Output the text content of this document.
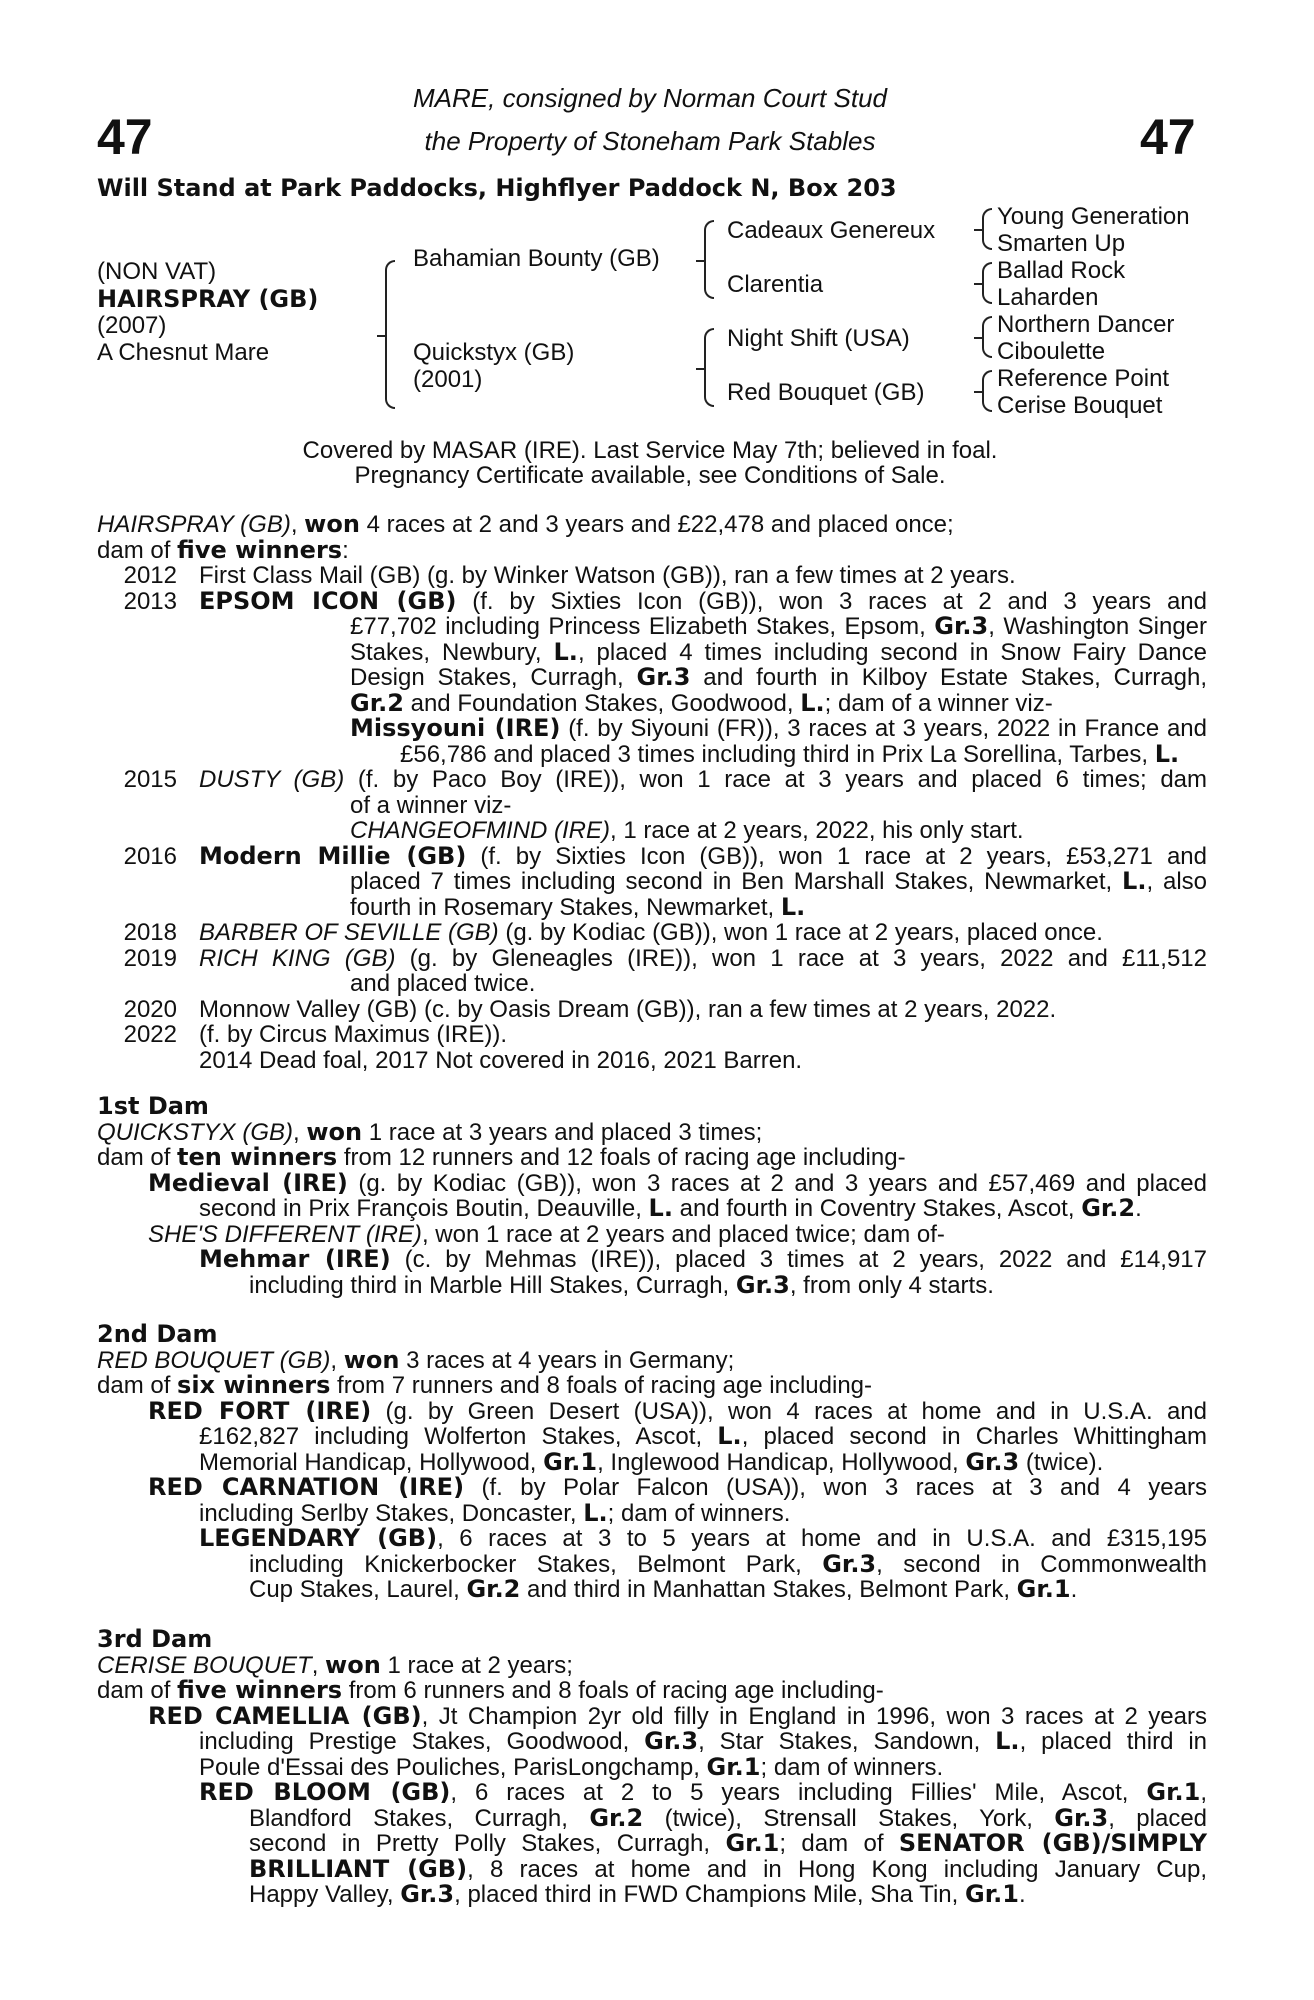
47	47
MARE, consigned by Norman Court Stud
the Property of Stoneham Park Stables
Will Stand at Park Paddocks, Highflyer Paddock N, Box 203
(NON VAT)
HAIRSPRAY (GB)
(2007)
A Chesnut Mare
Bahamian Bounty (GB)
Quickstyx (GB)
(2001)
Cadeaux Genereux
Clarentia
Night Shift (USA)
Red Bouquet (GB)
Young Generation
Smarten Up
Ballad Rock
Laharden
Northern Dancer
Ciboulette
Reference Point
Cerise Bouquet
Covered by MASAR (IRE). Last Service May 7th; believed in foal.
Pregnancy Certificate available, see Conditions of Sale.
HAIRSPRAY (GB), won 4 races at 2 and 3 years and £22,478 and placed once;
dam of five winners:
2012 First Class Mail (GB) (g. by Winker Watson (GB)), ran a few times at 2 years.
2013 EPSOM ICON (GB) (f. by Sixties Icon (GB)), won 3 races at 2 and 3 years and
£77,702 including Princess Elizabeth Stakes, Epsom, Gr.3, Washington Singer
Stakes, Newbury, L., placed 4 times including second in Snow Fairy Dance
Design Stakes, Curragh, Gr.3 and fourth in Kilboy Estate Stakes, Curragh,
Gr.2 and Foundation Stakes, Goodwood, L.; dam of a winner viz-
Missyouni (IRE) (f. by Siyouni (FR)), 3 races at 3 years, 2022 in France and
£56,786 and placed 3 times including third in Prix La Sorellina, Tarbes, L.
2015 DUSTY (GB) (f. by Paco Boy (IRE)), won 1 race at 3 years and placed 6 times; dam
of a winner viz-
CHANGEOFMIND (IRE), 1 race at 2 years, 2022, his only start.
2016 Modern Millie (GB) (f. by Sixties Icon (GB)), won 1 race at 2 years, £53,271 and
placed 7 times including second in Ben Marshall Stakes, Newmarket, L., also
fourth in Rosemary Stakes, Newmarket, L.
2018 BARBER OF SEVILLE (GB) (g. by Kodiac (GB)), won 1 race at 2 years, placed once.
2019 RICH KING (GB) (g. by Gleneagles (IRE)), won 1 race at 3 years, 2022 and £11,512
and placed twice.
2020 Monnow Valley (GB) (c. by Oasis Dream (GB)), ran a few times at 2 years, 2022.
2022 (f. by Circus Maximus (IRE)).
2014 Dead foal, 2017 Not covered in 2016, 2021 Barren.
1st Dam
QUICKSTYX (GB), won 1 race at 3 years and placed 3 times;
dam of ten winners from 12 runners and 12 foals of racing age including-
Medieval (IRE) (g. by Kodiac (GB)), won 3 races at 2 and 3 years and £57,469 and placed
second in Prix François Boutin, Deauville, L. and fourth in Coventry Stakes, Ascot, Gr.2.
SHE'S DIFFERENT (IRE), won 1 race at 2 years and placed twice; dam of-
Mehmar (IRE) (c. by Mehmas (IRE)), placed 3 times at 2 years, 2022 and £14,917
including third in Marble Hill Stakes, Curragh, Gr.3, from only 4 starts.
2nd Dam
RED BOUQUET (GB), won 3 races at 4 years in Germany;
dam of six winners from 7 runners and 8 foals of racing age including-
RED FORT (IRE) (g. by Green Desert (USA)), won 4 races at home and in U.S.A. and
£162,827 including Wolferton Stakes, Ascot, L., placed second in Charles Whittingham
Memorial Handicap, Hollywood, Gr.1, Inglewood Handicap, Hollywood, Gr.3 (twice).
RED CARNATION (IRE) (f. by Polar Falcon (USA)), won 3 races at 3 and 4 years
including Serlby Stakes, Doncaster, L.; dam of winners.
LEGENDARY (GB), 6 races at 3 to 5 years at home and in U.S.A. and £315,195
including Knickerbocker Stakes, Belmont Park, Gr.3, second in Commonwealth
Cup Stakes, Laurel, Gr.2 and third in Manhattan Stakes, Belmont Park, Gr.1.
3rd Dam
CERISE BOUQUET, won 1 race at 2 years;
dam of five winners from 6 runners and 8 foals of racing age including-
RED CAMELLIA (GB), Jt Champion 2yr old filly in England in 1996, won 3 races at 2 years
including Prestige Stakes, Goodwood, Gr.3, Star Stakes, Sandown, L., placed third in
Poule d'Essai des Pouliches, ParisLongchamp, Gr.1; dam of winners.
RED BLOOM (GB), 6 races at 2 to 5 years including Fillies' Mile, Ascot, Gr.1,
Blandford Stakes, Curragh, Gr.2 (twice), Strensall Stakes, York, Gr.3, placed
second in Pretty Polly Stakes, Curragh, Gr.1; dam of SENATOR (GB)/SIMPLY
BRILLIANT (GB), 8 races at home and in Hong Kong including January Cup,
Happy Valley, Gr.3, placed third in FWD Champions Mile, Sha Tin, Gr.1.
